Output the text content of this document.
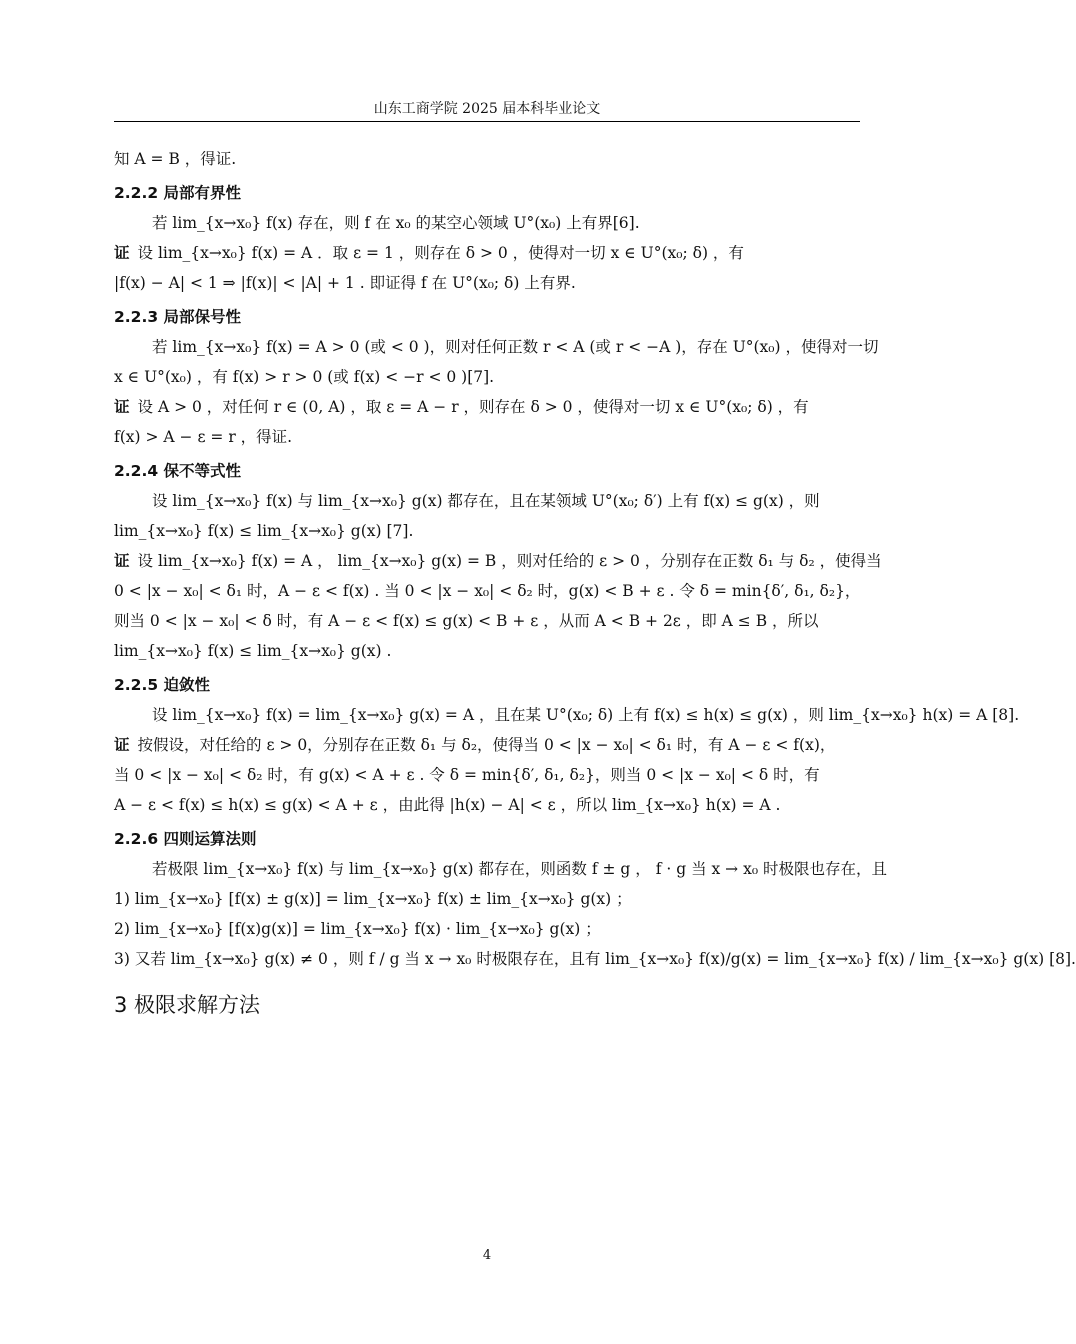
山东工商学院 2025 届本科毕业论文

知 A = B ，得证.

2.2.2 局部有界性

若 lim_{x→x₀} f(x) 存在，则 f 在 x₀ 的某空心领域 U°(x₀) 上有界[6].

证 设 lim_{x→x₀} f(x) = A ．取 ε = 1 ，则存在 δ > 0 ，使得对一切 x ∈ U°(x₀; δ) ，有

|f(x) − A| < 1 ⇒ |f(x)| < |A| + 1 . 即证得 f 在 U°(x₀; δ) 上有界.

2.2.3 局部保号性

若 lim_{x→x₀} f(x) = A > 0 (或 < 0 )，则对任何正数 r < A (或 r < −A )，存在 U°(x₀) ，使得对一切

x ∈ U°(x₀) ，有 f(x) > r > 0 (或 f(x) < −r < 0 )[7].

证 设 A > 0 ，对任何 r ∈ (0, A) ，取 ε = A − r ，则存在 δ > 0 ，使得对一切 x ∈ U°(x₀; δ) ，有

f(x) > A − ε = r ，得证.

2.2.4 保不等式性

设 lim_{x→x₀} f(x) 与 lim_{x→x₀} g(x) 都存在，且在某领域 U°(x₀; δ′) 上有 f(x) ≤ g(x) ，则

lim_{x→x₀} f(x) ≤ lim_{x→x₀} g(x) [7].

证 设 lim_{x→x₀} f(x) = A ， lim_{x→x₀} g(x) = B ，则对任给的 ε > 0 ，分别存在正数 δ₁ 与 δ₂ ，使得当

0 < |x − x₀| < δ₁ 时，A − ε < f(x) . 当 0 < |x − x₀| < δ₂ 时，g(x) < B + ε . 令 δ = min{δ′, δ₁, δ₂}，

则当 0 < |x − x₀| < δ 时，有 A − ε < f(x) ≤ g(x) < B + ε ，从而 A < B + 2ε ，即 A ≤ B ，所以

lim_{x→x₀} f(x) ≤ lim_{x→x₀} g(x) .

2.2.5 迫敛性

设 lim_{x→x₀} f(x) = lim_{x→x₀} g(x) = A ，且在某 U°(x₀; δ) 上有 f(x) ≤ h(x) ≤ g(x) ，则 lim_{x→x₀} h(x) = A [8].

证 按假设，对任给的 ε > 0，分别存在正数 δ₁ 与 δ₂，使得当 0 < |x − x₀| < δ₁ 时，有 A − ε < f(x)，

当 0 < |x − x₀| < δ₂ 时，有 g(x) < A + ε . 令 δ = min{δ′, δ₁, δ₂}，则当 0 < |x − x₀| < δ 时，有

A − ε < f(x) ≤ h(x) ≤ g(x) < A + ε ，由此得 |h(x) − A| < ε ，所以 lim_{x→x₀} h(x) = A .

2.2.6 四则运算法则

若极限 lim_{x→x₀} f(x) 与 lim_{x→x₀} g(x) 都存在，则函数 f ± g ， f · g 当 x → x₀ 时极限也存在，且

1) lim_{x→x₀} [f(x) ± g(x)] = lim_{x→x₀} f(x) ± lim_{x→x₀} g(x) ；

2) lim_{x→x₀} [f(x)g(x)] = lim_{x→x₀} f(x) · lim_{x→x₀} g(x) ；

3) 又若 lim_{x→x₀} g(x) ≠ 0 ，则 f / g 当 x → x₀ 时极限存在，且有 lim_{x→x₀} f(x)/g(x) = lim_{x→x₀} f(x) / lim_{x→x₀} g(x) [8].

3 极限求解方法

4
